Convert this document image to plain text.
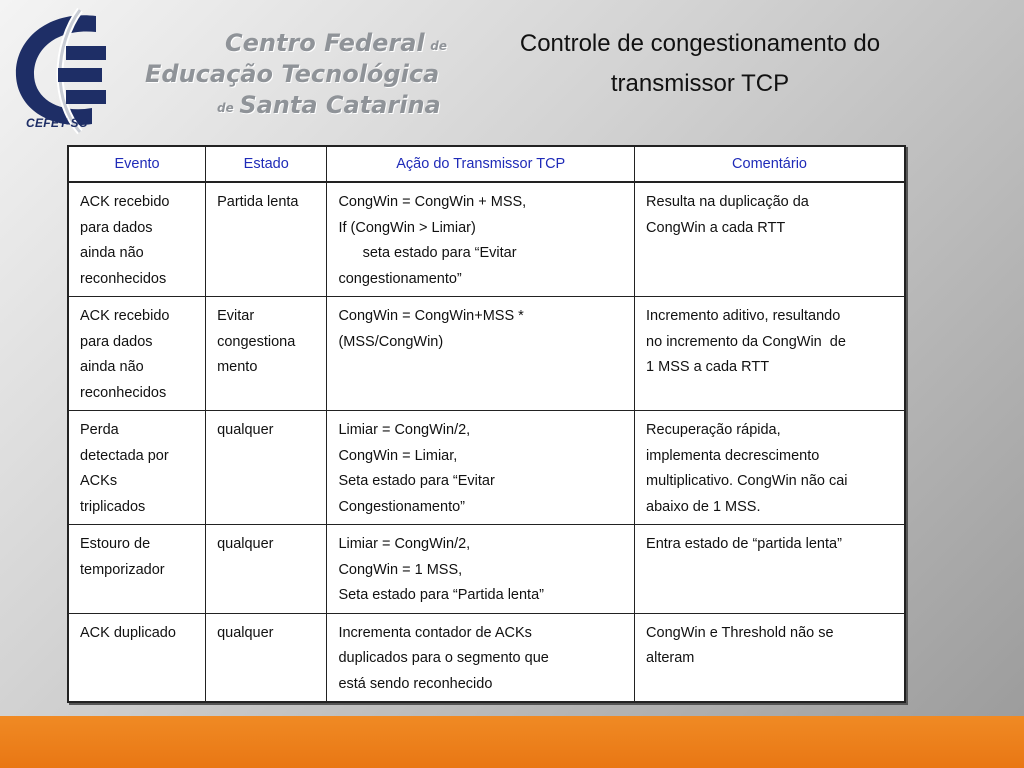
CEFET-SC
Centro Federal de
Educação Tecnológica
de Santa Catarina
Controle de congestionamento do
transmissor TCP
Evento	Estado	Ação do Transmissor TCP	Comentário

ACK recebido
para dados
ainda não
reconhecidos	Partida lenta	CongWin = CongWin + MSS,
If (CongWin > Limiar)
seta estado para “Evitar
congestionamento”	Resulta na duplicação da
CongWin a cada RTT

ACK recebido
para dados
ainda não
reconhecidos	Evitar
congestiona
mento	CongWin = CongWin+MSS *
(MSS/CongWin)	Incremento aditivo, resultando
no incremento da CongWin  de
1 MSS a cada RTT

Perda
detectada por
ACKs
triplicados	qualquer	Limiar = CongWin/2,
CongWin = Limiar,
Seta estado para “Evitar
Congestionamento”	Recuperação rápida,
implementa decrescimento
multiplicativo. CongWin não cai
abaixo de 1 MSS.

Estouro de
temporizador	qualquer	Limiar = CongWin/2,
CongWin = 1 MSS,
Seta estado para “Partida lenta”	Entra estado de “partida lenta”

ACK duplicado	qualquer	Incrementa contador de ACKs
duplicados para o segmento que
está sendo reconhecido	CongWin e Threshold não se
alteram
